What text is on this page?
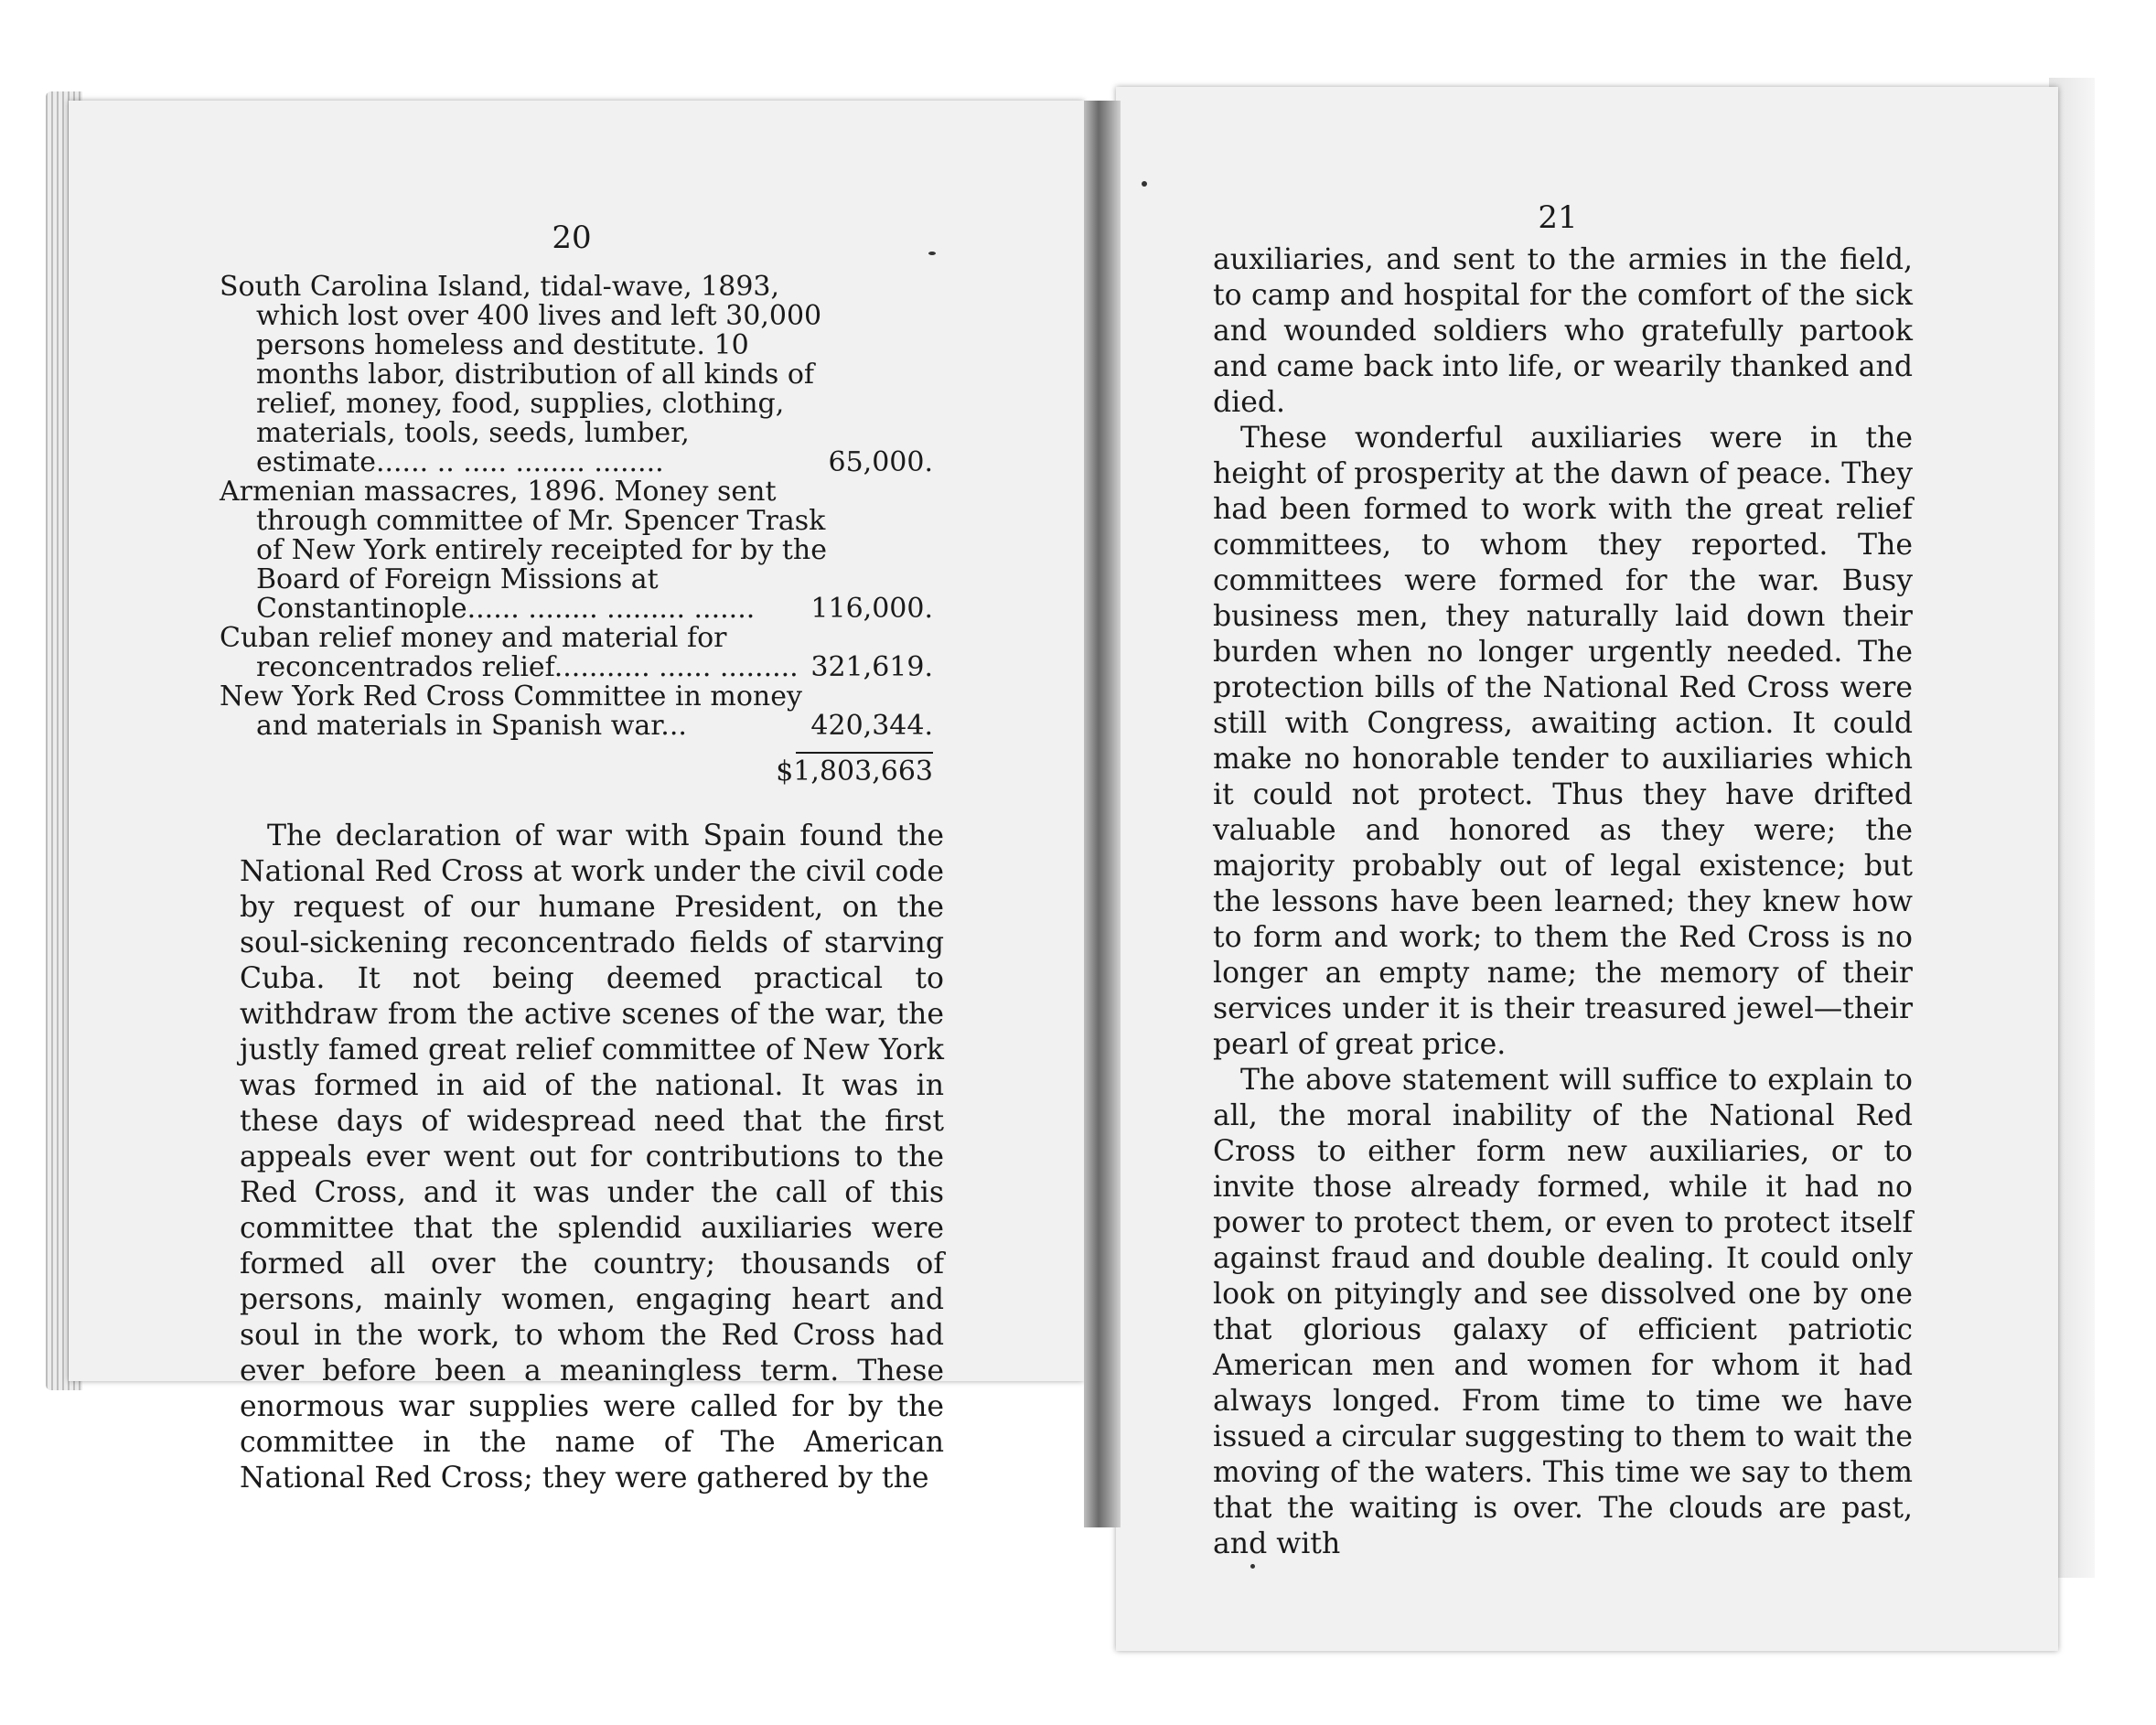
20
21
South Carolina Island, tidal-wave, 1893, which lost over 400 lives and left 30,000 persons homeless and destitute. 10 months labor, distribution of all kinds of relief, money, food, supplies, clothing, materials, tools, seeds, lumber, estimate...... .. ..... ........ ........	65,000.
Armenian massacres, 1896. Money sent through committee of Mr. Spencer Trask of New York entirely receipted for by the Board of Foreign Missions at Constantinople...... ........ ......... .......	116,000.
Cuban relief money and material for reconcentrados relief........... ...... ......... 321,619.
New York Red Cross Committee in money and materials in Spanish war...	420,344.
$1,803,663

The declaration of war with Spain found the National Red Cross at work under the civil code by request of our humane President, on the soul-sickening reconcentrado fields of starving Cuba. It not being deemed practical to withdraw from the active scenes of the war, the justly famed great relief committee of New York was formed in aid of the national. It was in these days of widespread need that the first appeals ever went out for contributions to the Red Cross, and it was under the call of this committee that the splendid auxiliaries were formed all over the country; thousands of persons, mainly women, engaging heart and soul in the work, to whom the Red Cross had ever before been a meaningless term. These enormous war supplies were called for by the committee in the name of The American National Red Cross; they were gathered by the

auxiliaries, and sent to the armies in the field, to camp and hospital for the comfort of the sick and wounded soldiers who gratefully partook and came back into life, or wearily thanked and died.

These wonderful auxiliaries were in the height of prosperity at the dawn of peace. They had been formed to work with the great relief committees, to whom they reported. The committees were formed for the war. Busy business men, they naturally laid down their burden when no longer urgently needed. The protection bills of the National Red Cross were still with Congress, awaiting action. It could make no honorable tender to auxiliaries which it could not protect. Thus they have drifted valuable and honored as they were; the majority probably out of legal existence; but the lessons have been learned; they knew how to form and work; to them the Red Cross is no longer an empty name; the memory of their services under it is their treasured jewel—their pearl of great price.

The above statement will suffice to explain to all, the moral inability of the National Red Cross to either form new auxiliaries, or to invite those already formed, while it had no power to protect them, or even to protect itself against fraud and double dealing. It could only look on pityingly and see dissolved one by one that glorious galaxy of efficient patriotic American men and women for whom it had always longed. From time to time we have issued a circular suggesting to them to wait the moving of the waters. This time we say to them that the waiting is over. The clouds are past, and with
